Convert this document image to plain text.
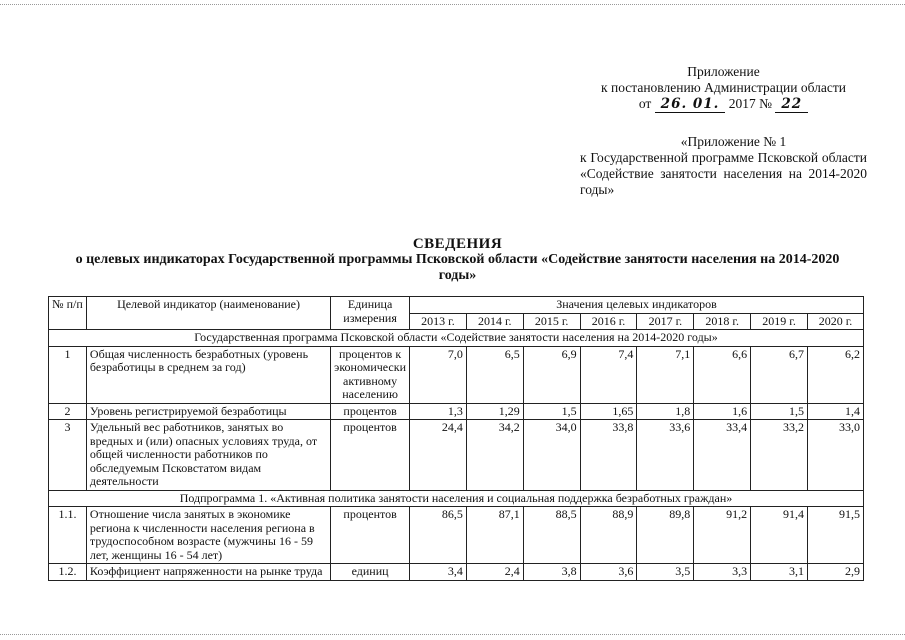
Приложение
к постановлению Администрации области
от 26. 01. 2017 № 22
«Приложение № 1
к Государственной программе Псковской области «Содействие занятости населения на 2014-2020 годы»
СВЕДЕНИЯ
о целевых индикаторах Государственной программы Псковской области «Содействие занятости населения на 2014-2020 годы»
№ п/п	Целевой индикатор (наименование)	Единица измерения	Значения целевых индикаторов							
			2013 г.	2014 г.	2015 г.	2016 г.	2017 г.	2018 г.	2019 г.	2020 г.
Государственная программа Псковской области «Содействие занятости населения на 2014-2020 годы»										
1	Общая численность безработных (уровень безработицы в среднем за год)	процентов к экономически активному населению	7,0	6,5	6,9	7,4	7,1	6,6	6,7	6,2
2	Уровень регистрируемой безработицы	процентов	1,3	1,29	1,5	1,65	1,8	1,6	1,5	1,4
3	Удельный вес работников, занятых во вредных и (или) опасных условиях труда, от общей численности работников по обследуемым Псковстатом видам деятельности	процентов	24,4	34,2	34,0	33,8	33,6	33,4	33,2	33,0
Подпрограмма 1. «Активная политика занятости населения и социальная поддержка безработных граждан»										
1.1.	Отношение числа занятых в экономике региона к численности населения региона в трудоспособном возрасте (мужчины 16 - 59 лет, женщины 16 - 54 лет)	процентов	86,5	87,1	88,5	88,9	89,8	91,2	91,4	91,5
1.2.	Коэффициент напряженности на рынке труда	единиц	3,4	2,4	3,8	3,6	3,5	3,3	3,1	2,9
